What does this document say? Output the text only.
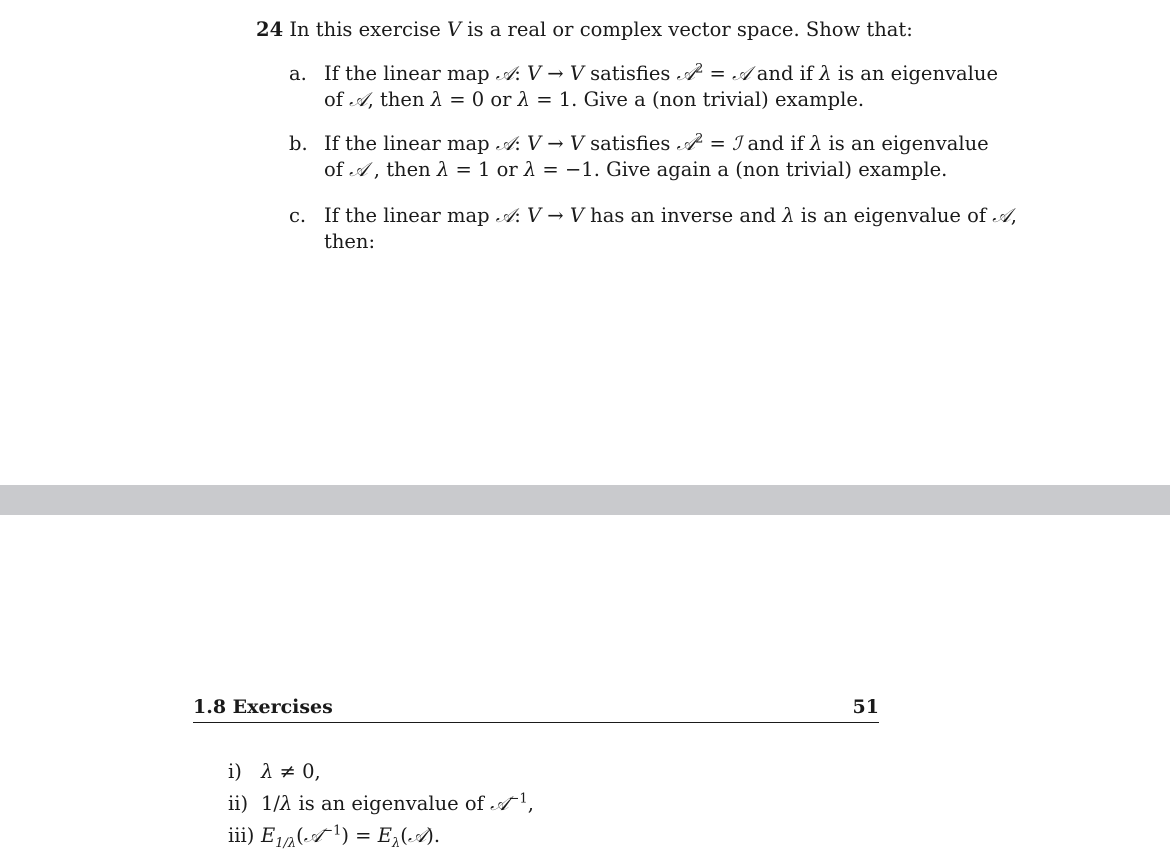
24 In this exercise V is a real or complex vector space. Show that:
a. If the linear map 𝒜: V → V satisfies 𝒜$^2$ = 𝒜 and if λ is an eigenvalue
of 𝒜, then λ = 0 or λ = 1. Give a (non trivial) example.
b. If the linear map 𝒜: V → V satisfies 𝒜$^2$ = ℐ and if λ is an eigenvalue
of 𝒜 , then λ = 1 or λ = −1. Give again a (non trivial) example.
c. If the linear map 𝒜: V → V has an inverse and λ is an eigenvalue of 𝒜,
then:
1.8 Exercises	51
i) λ ≠ 0,
ii) 1/λ is an eigenvalue of 𝒜$^{-1}$,
iii) $E_{1/\lambda}(𝒜^{-1})$ = $E_\lambda(𝒜)$.
